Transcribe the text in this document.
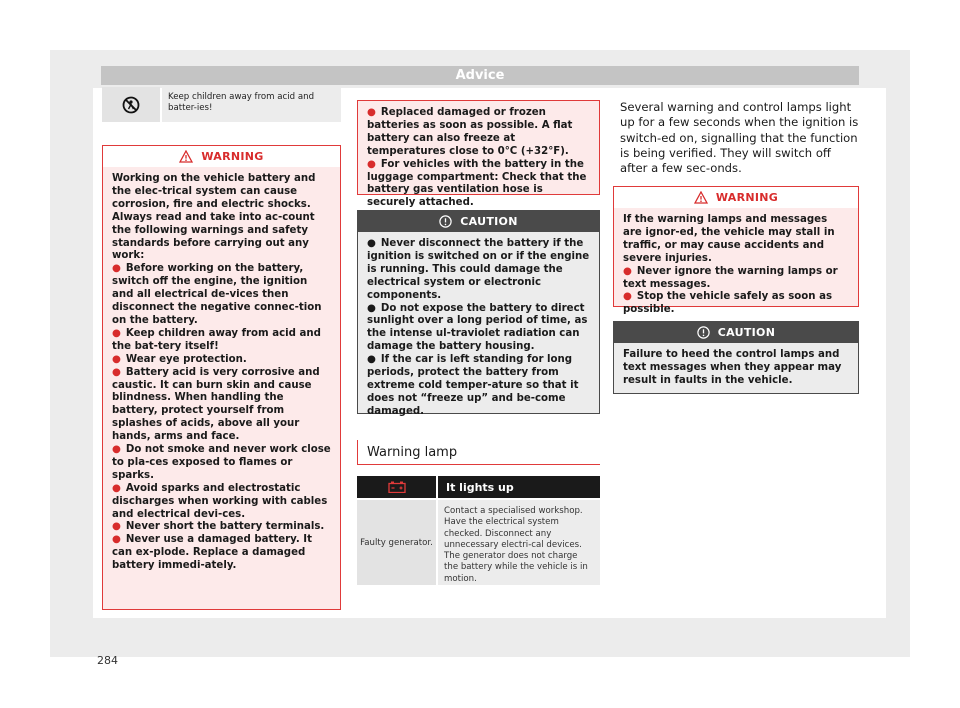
Advice
Keep children away from acid and batter-ies!
WARNING

Working on the vehicle battery and the elec-trical system can cause corrosion, fire and electric shocks. Always read and take into ac-count the following warnings and safety standards before carrying out any work:

● Before working on the battery, switch off the engine, the ignition and all electrical de-vices then disconnect the negative connec-tion on the battery.

● Keep children away from acid and the bat-tery itself!

● Wear eye protection.

● Battery acid is very corrosive and caustic. It can burn skin and cause blindness. When handling the battery, protect yourself from splashes of acids, above all your hands, arms and face.

● Do not smoke and never work close to pla-ces exposed to flames or sparks.

● Avoid sparks and electrostatic discharges when working with cables and electrical devi-ces.

● Never short the battery terminals.

● Never use a damaged battery. It can ex-plode. Replace a damaged battery immedi-ately.

● Replaced damaged or frozen batteries as soon as possible. A flat battery can also freeze at temperatures close to 0°C (+32°F).

● For vehicles with the battery in the luggage compartment: Check that the battery gas ventilation hose is securely attached.

CAUTION

● Never disconnect the battery if the ignition is switched on or if the engine is running. This could damage the electrical system or electronic components.

● Do not expose the battery to direct sunlight over a long period of time, as the intense ul-traviolet radiation can damage the battery housing.

● If the car is left standing for long periods, protect the battery from extreme cold temper-ature so that it does not “freeze up” and be-come damaged.

Warning lamp
It lights up
Faulty generator.
Contact a specialised workshop. Have the electrical system checked. Disconnect any unnecessary electri-cal devices. The generator does not charge the battery while the vehicle is in motion.
Several warning and control lamps light up for a few seconds when the ignition is switch-ed on, signalling that the function is being verified. They will switch off after a few sec-onds.
WARNING

If the warning lamps and messages are ignor-ed, the vehicle may stall in traffic, or may cause accidents and severe injuries.

● Never ignore the warning lamps or text messages.

● Stop the vehicle safely as soon as possible.

CAUTION

Failure to heed the control lamps and text messages when they appear may result in faults in the vehicle.

284
